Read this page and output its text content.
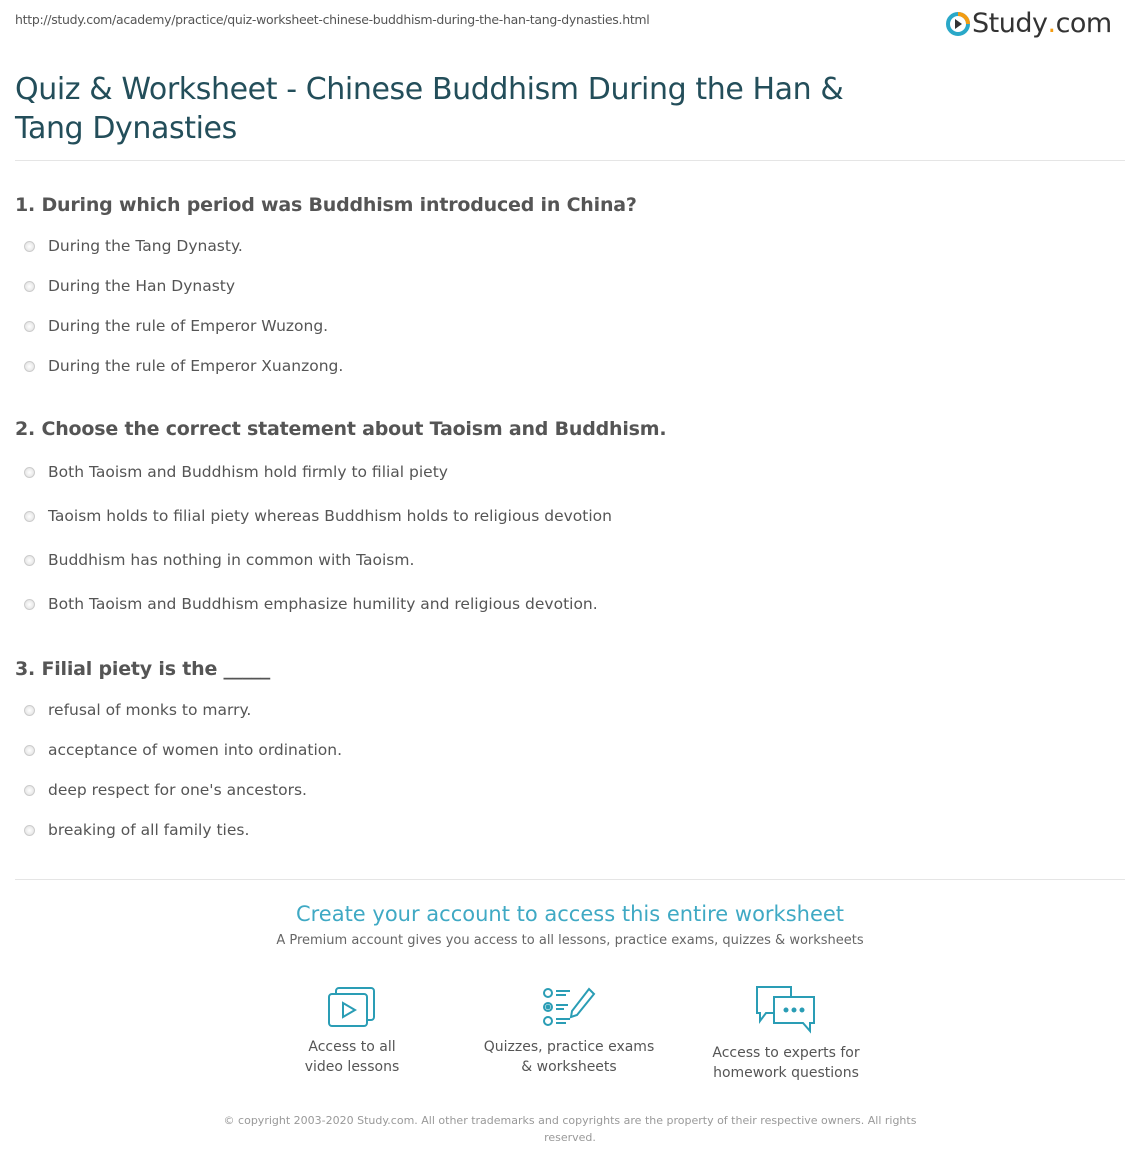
http://study.com/academy/practice/quiz-worksheet-chinese-buddhism-during-the-han-tang-dynasties.html	Study . com
Quiz & Worksheet - Chinese Buddhism During the Han & Tang Dynasties
1. During which period was Buddhism introduced in China?
During the Tang Dynasty.
During the Han Dynasty
During the rule of Emperor Wuzong.
During the rule of Emperor Xuanzong.
2. Choose the correct statement about Taoism and Buddhism.
Both Taoism and Buddhism hold firmly to filial piety
Taoism holds to filial piety whereas Buddhism holds to religious devotion
Buddhism has nothing in common with Taoism.
Both Taoism and Buddhism emphasize humility and religious devotion.
3. Filial piety is the _____
refusal of monks to marry.
acceptance of women into ordination.
deep respect for one's ancestors.
breaking of all family ties.
Create your account to access this entire worksheet
A Premium account gives you access to all lessons, practice exams, quizzes & worksheets
Access to all
video lessons
Quizzes, practice exams
& worksheets
Access to experts for
homework questions
© copyright 2003-2020 Study.com. All other trademarks and copyrights are the property of their respective owners. All rights reserved.
